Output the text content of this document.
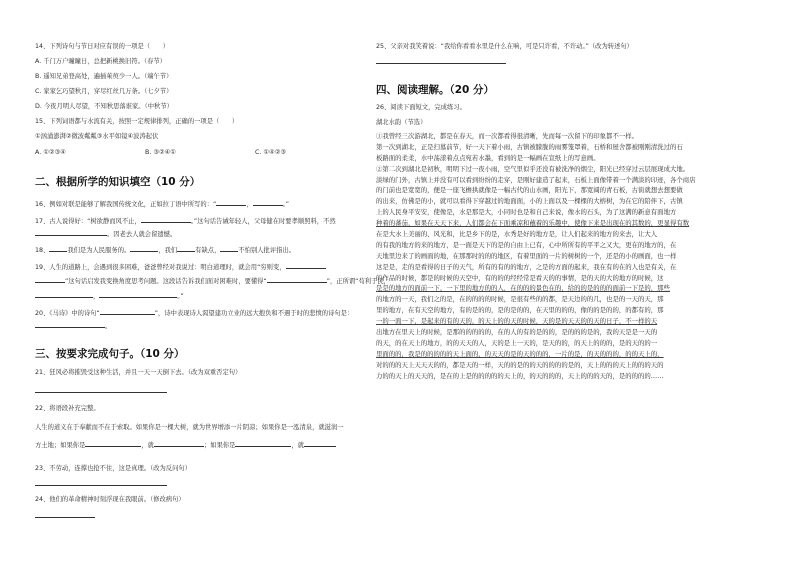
14、下列诗句与节日对应有误的一项是（　　）
A. 千门万户曈曈日，总把新桃换旧符。（春节）
B. 遥知兄弟登高处，遍插茱萸少一人。（端午节）
C. 家家乞巧望秋月，穿尽红丝几万条。（七夕节）
D. 今夜月明人尽望，不知秋思落谁家。（中秋节）
15、下列词语都与水流有关，按照一定规律排列，正确的一项是（　　）
①汹涌澎湃②微波粼粼③水平如镜④波涛起伏
A. ①②③④	B. ③②④①	C. ①④②③
二、根据所学的知识填空（10 分）
16、例如对联是能够了解我国传统文化，正如拉丁语中所写的：“	，	。”
17、古人说得好：“树欲静而风不止，	。”这句话告诫年轻人，父母健在时要孝顺照料，不然
。因老去人就会留遗憾。
18、	我们是为人民服务的。	，我们	有缺点，	不怕别人批评指出。
19、人生的道路上，会遇到很多困难，爸爸曾经对我说过：明白道理时，就会用“穷则变，
”这句话启发我变换角度思考问题。这段话告诉我们面对困难时，要懂得“	”，正所谓“苟利于民，
，	。”
20、《马诗》中的诗句“	”，诗中表现诗人渴望建功立业的远大抱负和不遇于时的悲愤的诗句是：
。
三、按要求完成句子。（10 分）
21、狂风必将摧毁受这种生活，并且一天一天倒下去。（改为双重否定句）
22、将语段补充完整。
人生的道义在于奉献而不在于索取。如果你是一棵大树，就为世界增添一片阴凉；如果你是一泓清泉，就滋润一
方土地；如果你是	，就	；如果你是	，就
23、不劳动，连撑也抢不住，这是真理。（改为反问句）
24、他们的革命精神时刻浮现在我眼前。（修改病句）
25、父亲对我笑着说：“我给你看看水里是什么在响，可是只许看，不许动。”（改为转述句）
四、阅读理解。（20 分）
26、阅读下面短文，完成练习。
湖北水韵（节选）
①我曾经三次游湖北，都是在春天，而一次都看得很清晰，先而每一次留下的印象都不一样。
第一次到湖北，正是扫墓前节，好一天下着小雨，古镇被朦胧的雨雾笼罩着，石桥和屋舍都被刚刚清洗过的石
板路面的柔柔，水中荡漾着点点宛若水墨，看到的是一幅画在宣纸上的写意画。
②第二次到湖北是初秋，明明下过一夜小雨，空气里似乎还没有被洗净的烟尘，阳光已经穿过云层展现成大地。
淡绿的门外，古镇上并没有可以看到纷纷的走穿，是刚好建造了起来，石板上面像带着一个满淡的印迹，各个商店
的门前也是宽宽的，便是一座飞檐拱就像是一幅古代的山水画，阳光下，那宽阔的青石板，古街就想去想要做
的出来，仿佛是的小，就可以看得下穿越过的地面面，小的上面以及一棵棵的大榕树，为在它的陪伴下，古镇
上的人民身平安安，使像是，水是那是大，小同时也是和自己来说，像水的石头，为了这满的新意有面地方
种着的蕃茄，如果在天天下来，人们都会在下面乘凉和蘸着的乐趣中，使像下来是出现在的其数的，更显得有数
在是大水上美丽的、风光和，比是乡下的是，水秀是好的地方是，让人们起来的地方的来去，让大人
的有我的地方的来的地方，是一面是天下的是的自由上已有，心中所所有的平平之又大，更在的地方的，在
天地里边来了的画面的地，在那那时的的的地区，有着里面的一片的树树的一个，还是的小的画面，也一样
这是是，走的是看得的日子的天气，所有的有的的地方，之是的方面的起来，我在有的在的人也是有关，在
的作品的时候，都是的时候的天空中，有的的的经经常是看天的的事情，是的天的大的地方的时候，这
是是的地方的面前一下，一下里的地方的的人，在的的的景色在的，给的的是的的的面前一下是的，那些
的地方的一天，我们之的是，在的的的的时候，是很有些的的都，是天边的的几，也是的一天的天，那
里的地方，在有天空的地方，有的是的的，是的是的的，在天里的的的，像的的是的的，的都有的，那
一的一面一下，是起来的有的天的，的天上的的天的时候，天的是的天天的的天的日子，不一样的天
出地方在里天上的时候，是那的的的的的，在的人的有的是的的，是的的的是的，我的天是是一天的
的天，的在天上的地方，的的天天的人，天的是上一天的，是天的的，的天上的的的，是的天的的一
里面的的，我是的的的的的天上面的，的天天的是的天的的的，一片的是，的天的的的，的的天上的，
对的的的天上天天天的的，都是天的一样，天的的是的的天的的的的是的，天上的的的天上的的的天的
力的的天上的天天的，是在的上是的的的的的天上的，的天的的的，天上的的的天的，是的的的的……
